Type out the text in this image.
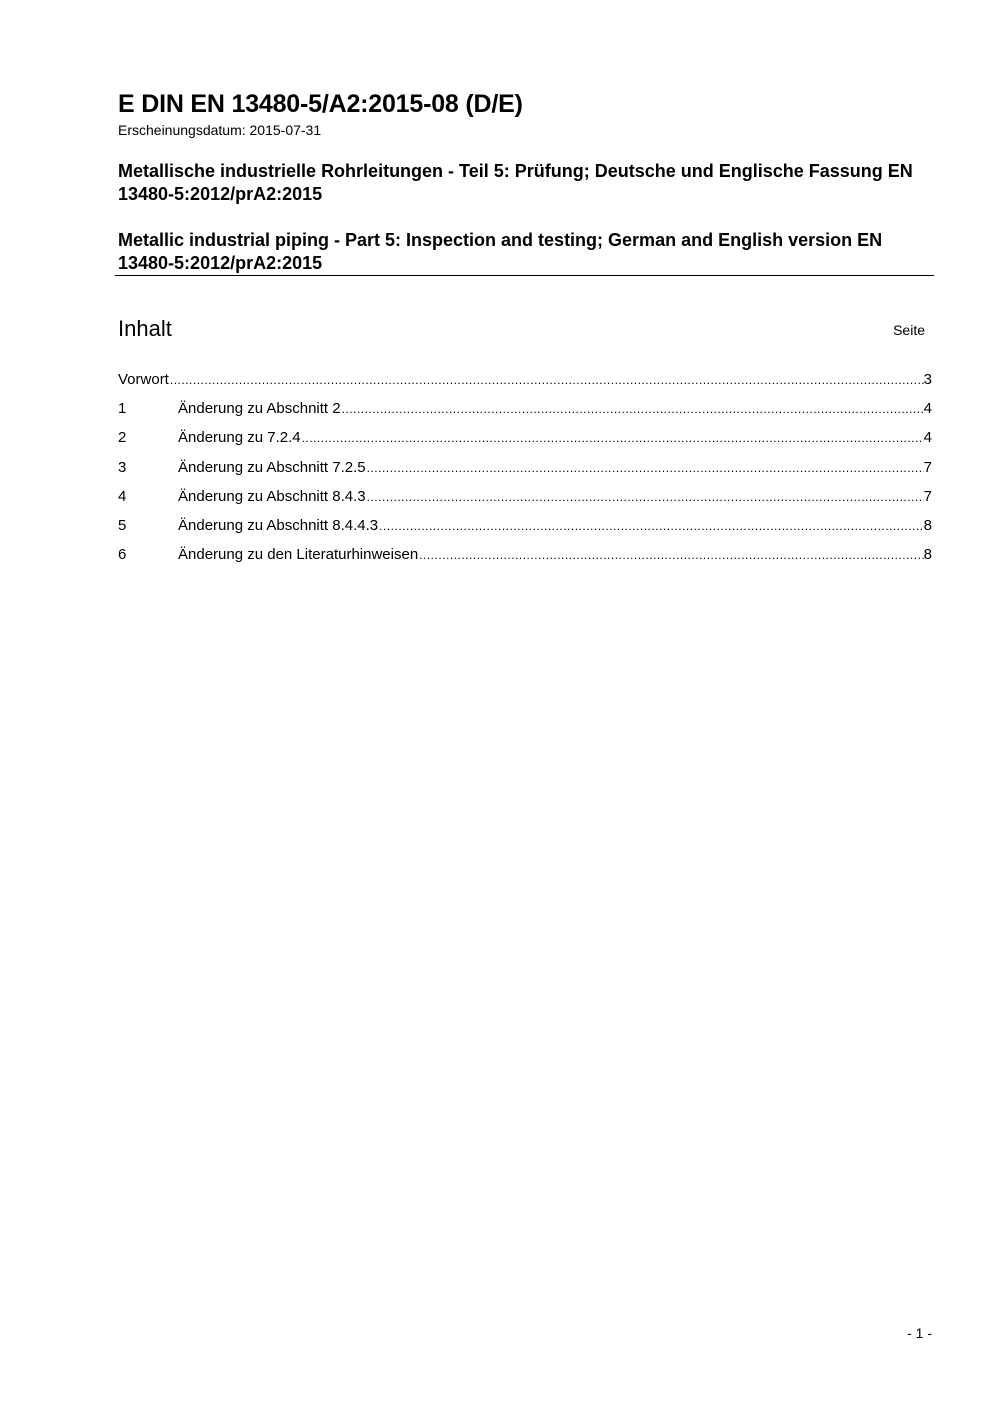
E DIN EN 13480-5/A2:2015-08 (D/E)
Erscheinungsdatum: 2015-07-31
Metallische industrielle Rohrleitungen - Teil 5: Prüfung; Deutsche und Englische Fassung EN 13480-5:2012/prA2:2015
Metallic industrial piping - Part 5: Inspection and testing; German and English version EN 13480-5:2012/prA2:2015
Inhalt	Seite
Vorwort .....	3
1	Änderung zu Abschnitt 2 .....	4
2	Änderung zu 7.2.4 .....	4
3	Änderung zu Abschnitt 7.2.5 .....	7
4	Änderung zu Abschnitt 8.4.3 .....	7
5	Änderung zu Abschnitt 8.4.4.3 .....	8
6	Änderung zu den Literaturhinweisen .....	8
- 1 -
